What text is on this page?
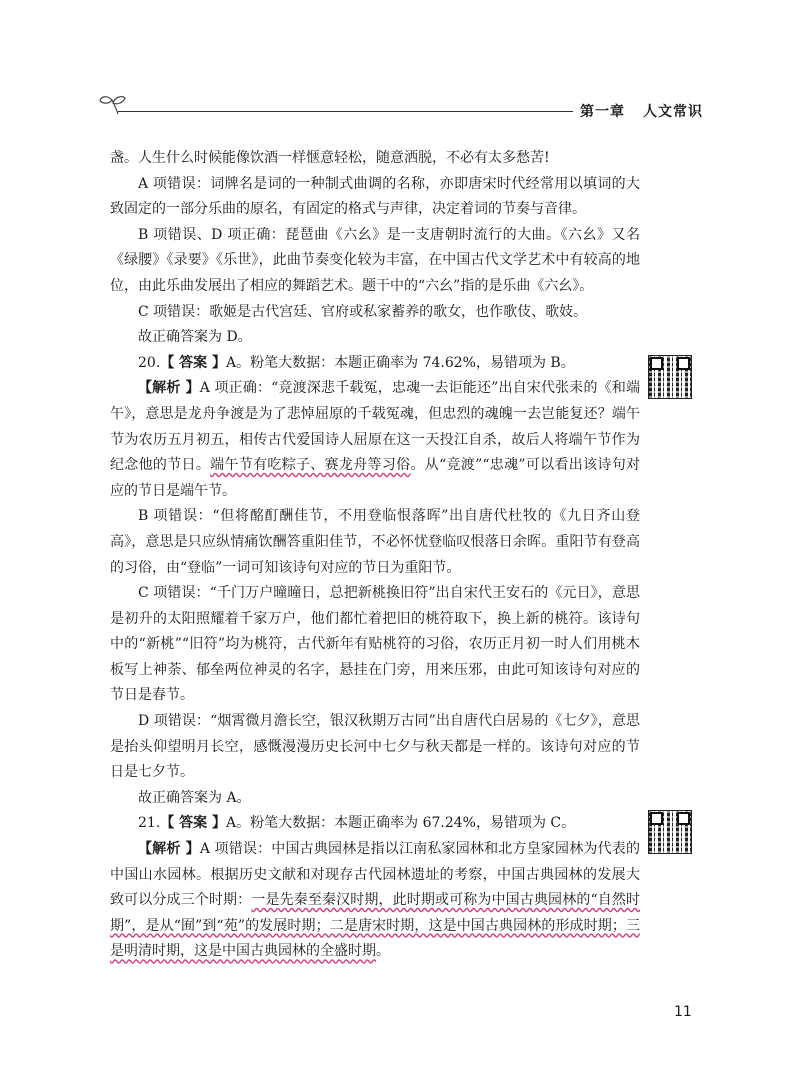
第一章 人文常识

盏。人生什么时候能像饮酒一样惬意轻松，随意洒脱，不必有太多愁苦!

A 项错误：词牌名是词的一种制式曲调的名称，亦即唐宋时代经常用以填词的大致固定的一部分乐曲的原名，有固定的格式与声律，决定着词的节奏与音律。

B 项错误、D 项正确：琵琶曲《六幺》是一支唐朝时流行的大曲。《六幺》又名《绿腰》《录要》《乐世》，此曲节奏变化较为丰富，在中国古代文学艺术中有较高的地位，由此乐曲发展出了相应的舞蹈艺术。题干中的“六幺”指的是乐曲《六幺》。

C 项错误：歌姬是古代宫廷、官府或私家蓄养的歌女，也作歌伎、歌妓。

故正确答案为 D。

20.【 答案 】A。粉笔大数据：本题正确率为 74.62%，易错项为 B。

【解析 】A 项正确：“竞渡深悲千载冤，忠魂一去讵能还”出自宋代张耒的《和端午》，意思是龙舟争渡是为了悲悼屈原的千载冤魂，但忠烈的魂魄一去岂能复还？端午节为农历五月初五，相传古代爱国诗人屈原在这一天投江自杀，故后人将端午节作为纪念他的节日。端午节有吃粽子、赛龙舟等习俗。从“竞渡”“忠魂”可以看出该诗句对应的节日是端午节。

B 项错误：“但将酩酊酬佳节，不用登临恨落晖”出自唐代杜牧的《九日齐山登高》，意思是只应纵情痛饮酬答重阳佳节，不必怀忧登临叹恨落日余晖。重阳节有登高的习俗，由“登临”一词可知该诗句对应的节日为重阳节。

C 项错误：“千门万户曈曈日，总把新桃换旧符”出自宋代王安石的《元日》，意思是初升的太阳照耀着千家万户，他们都忙着把旧的桃符取下，换上新的桃符。该诗句中的“新桃”“旧符”均为桃符，古代新年有贴桃符的习俗，农历正月初一时人们用桃木板写上神荼、郁垒两位神灵的名字，悬挂在门旁，用来压邪，由此可知该诗句对应的节日是春节。

D 项错误：“烟霄微月澹长空，银汉秋期万古同”出自唐代白居易的《七夕》，意思是抬头仰望明月长空，感慨漫漫历史长河中七夕与秋天都是一样的。该诗句对应的节日是七夕节。

故正确答案为 A。

21.【 答案 】A。粉笔大数据：本题正确率为 67.24%，易错项为 C。

【解析 】A 项错误：中国古典园林是指以江南私家园林和北方皇家园林为代表的中国山水园林。根据历史文献和对现存古代园林遗址的考察，中国古典园林的发展大致可以分成三个时期：一是先秦至秦汉时期，此时期或可称为中国古典园林的“自然时期”，是从“囿”到“苑”的发展时期；二是唐宋时期，这是中国古典园林的形成时期；三是明清时期，这是中国古典园林的全盛时期。

11
